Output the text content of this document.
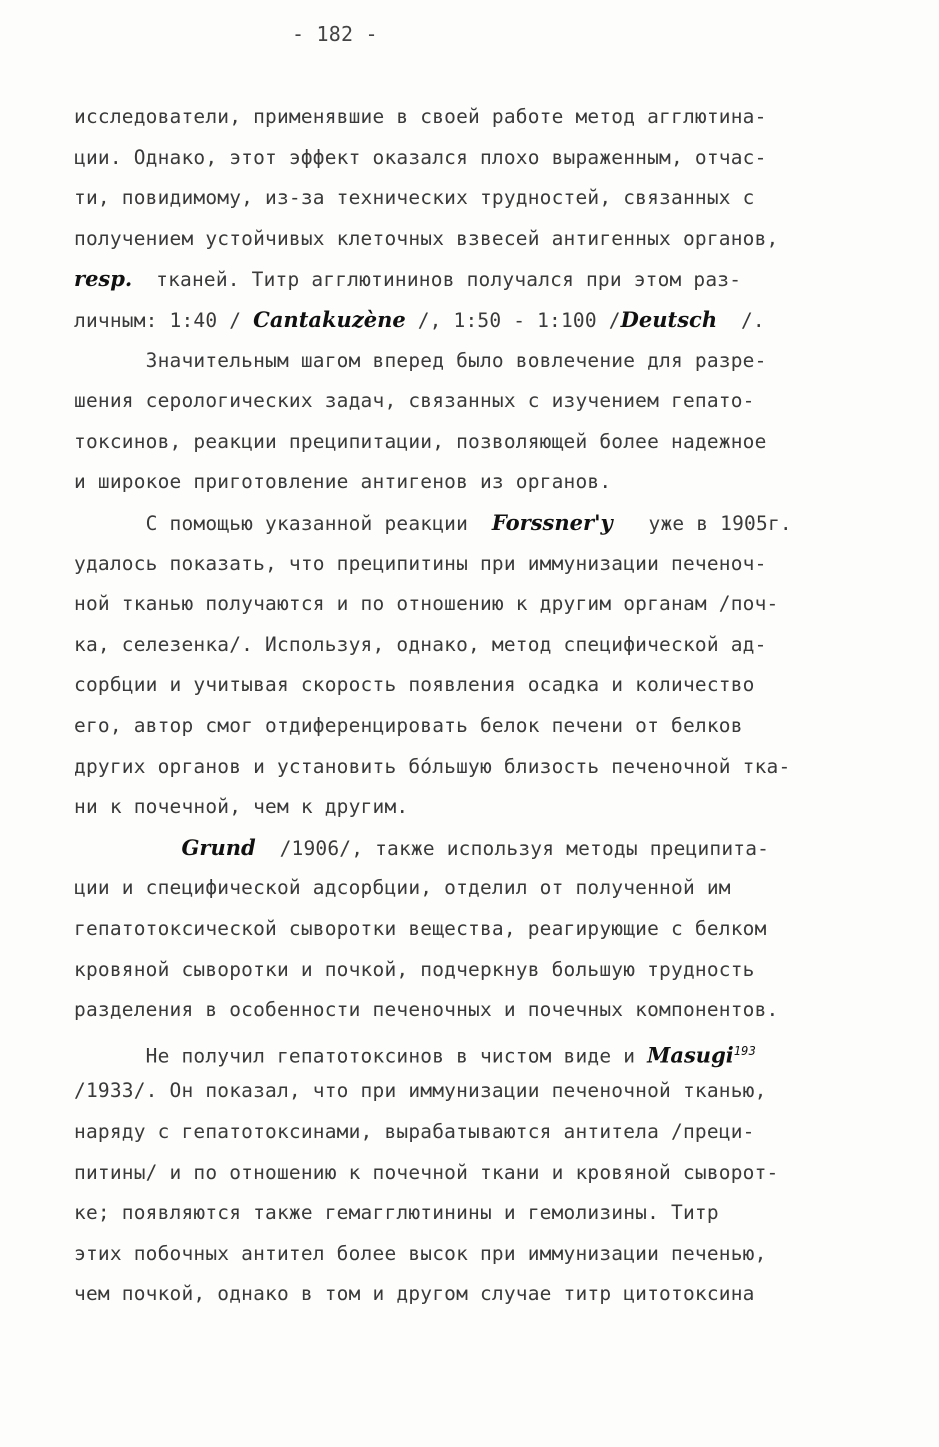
- 182 -
исследователи, применявшие в своей работе метод агглютина-
ции. Однако, этот эффект оказался плохо выраженным, отчас-
ти, повидимому, из-за технических трудностей, связанных с
получением устойчивых клеточных взвесей антигенных органов,
resp.  тканей. Титр агглютининов получался при этом раз-
личным: 1:40 / Cantakuzène /, 1:50 - 1:100 /Deutsch  /.
Значительным шагом вперед было вовлечение для разре-
шения серологических задач, связанных с изучением гепато-
токсинов, реакции преципитации, позволяющей более надежное
и широкое приготовление антигенов из органов.
С помощью указанной реакции  Forssner'y   уже в 1905г.
удалось показать, что преципитины при иммунизации печеноч-
ной тканью получаются и по отношению к другим органам /поч-
ка, селезенка/. Используя, однако, метод специфической ад-
сорбции и учитывая скорость появления осадка и количество
его, автор смог отдиференцировать белок печени от белков
других органов и установить бо́льшую близость печеночной тка-
ни к почечной, чем к другим.
Grund  /1906/, также используя методы преципита-
ции и специфической адсорбции, отделил от полученной им
гепатотоксической сыворотки вещества, реагирующие с белком
кровяной сыворотки и почкой, подчеркнув большую трудность
разделения в особенности печеночных и почечных компонентов.
Не получил гепатотоксинов в чистом виде и Masugi$^{193}$
/1933/. Он показал, что при иммунизации печеночной тканью,
наряду с гепатотоксинами, вырабатываются антитела /преци-
питины/ и по отношению к почечной ткани и кровяной сыворот-
ке; появляются также гемагглютинины и гемолизины. Титр
этих побочных антител более высок при иммунизации печенью,
чем почкой, однако в том и другом случае титр цитотоксина
